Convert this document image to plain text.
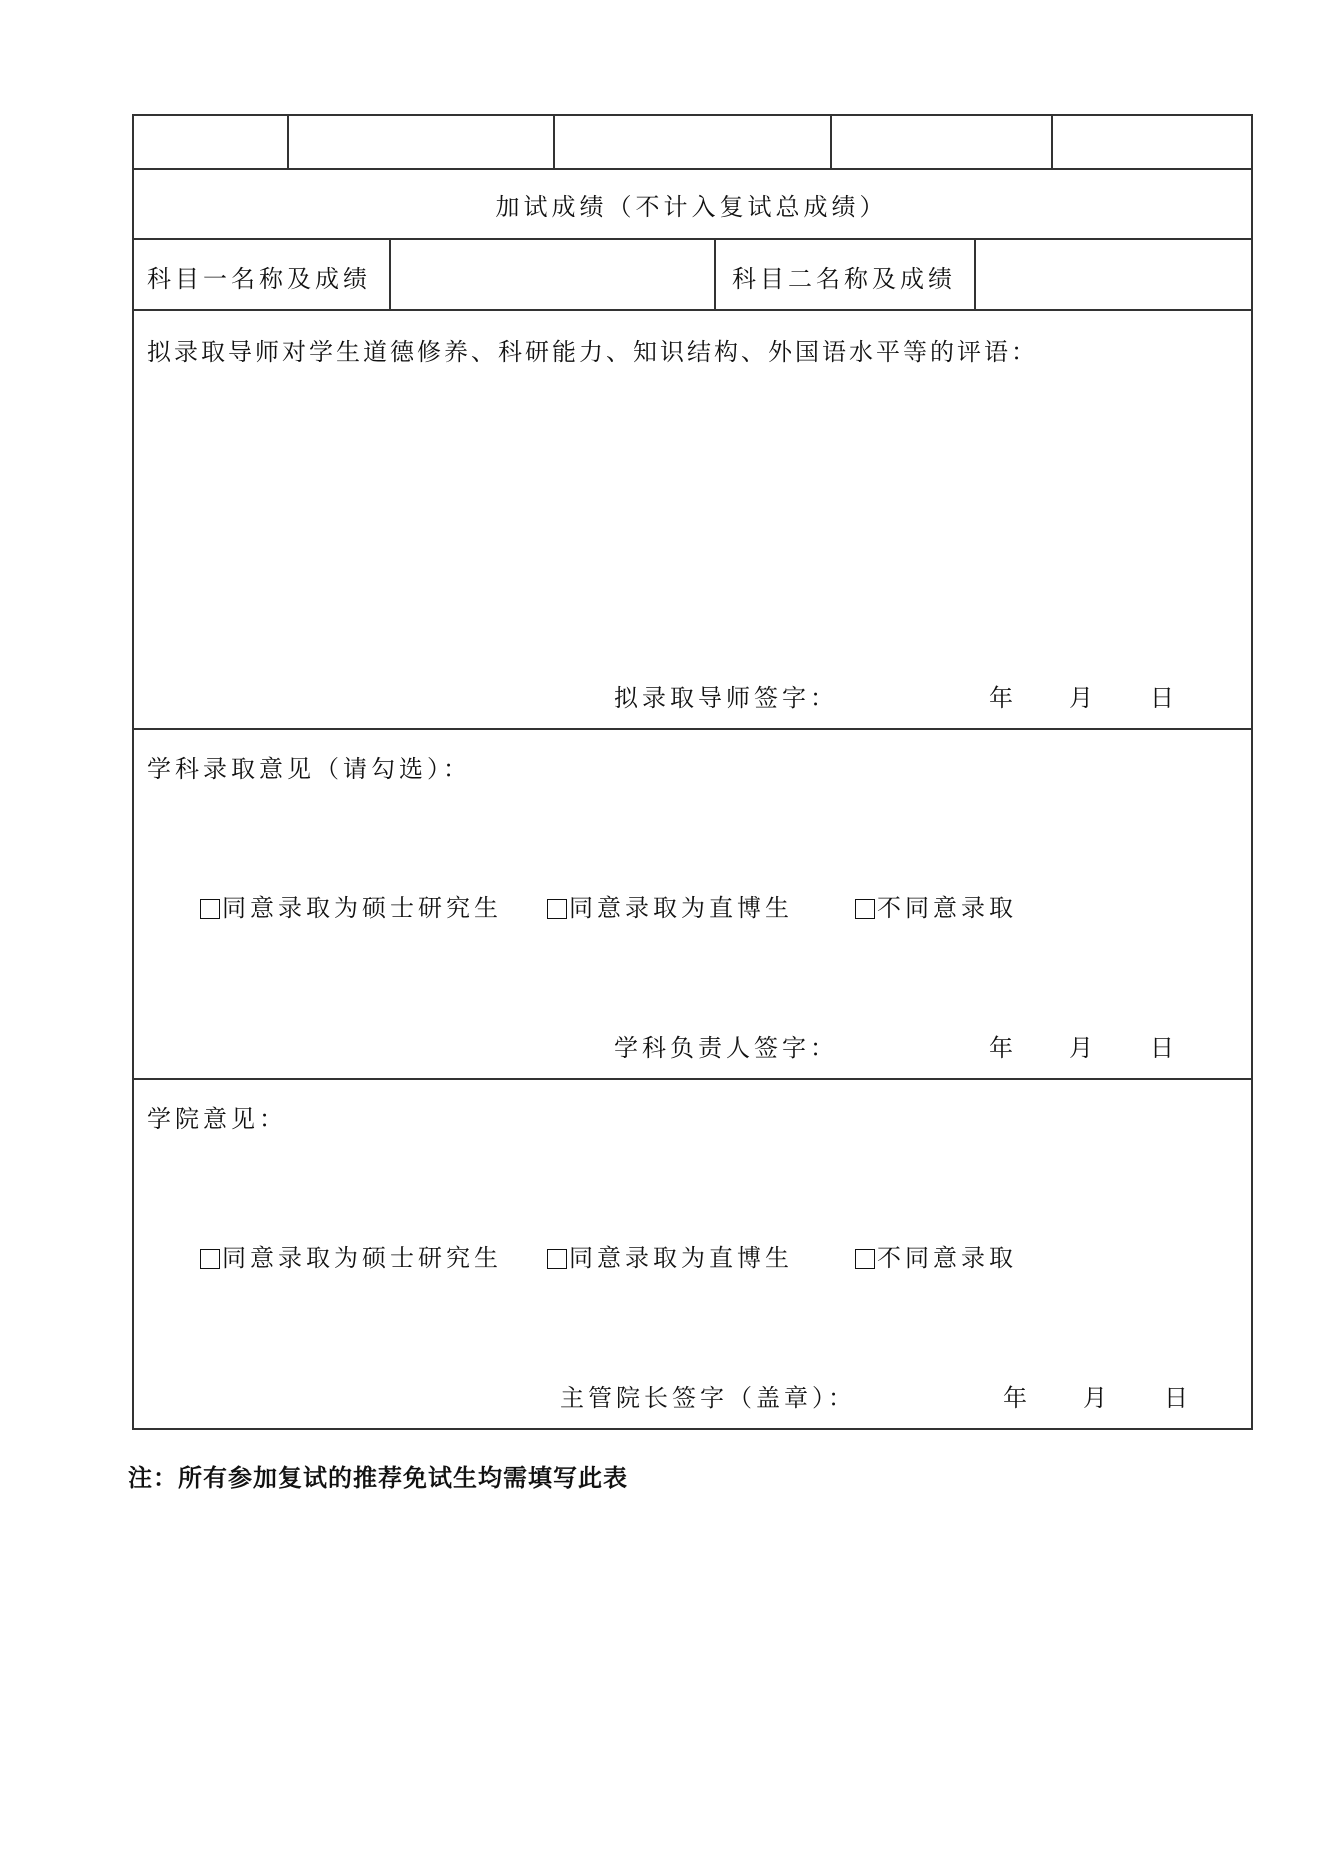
加试成绩（不计入复试总成绩）
科目一名称及成绩	科目二名称及成绩
拟录取导师对学生道德修养、科研能力、知识结构、外国语水平等的评语：
拟录取导师签字：	年 月 日
学科录取意见（请勾选）：
同意录取为硕士研究生	同意录取为直博生	不同意录取
学科负责人签字：	年 月 日
学院意见：
同意录取为硕士研究生	同意录取为直博生	不同意录取
主管院长签字（盖章）：	年 月 日
注：所有参加复试的推荐免试生均需填写此表
